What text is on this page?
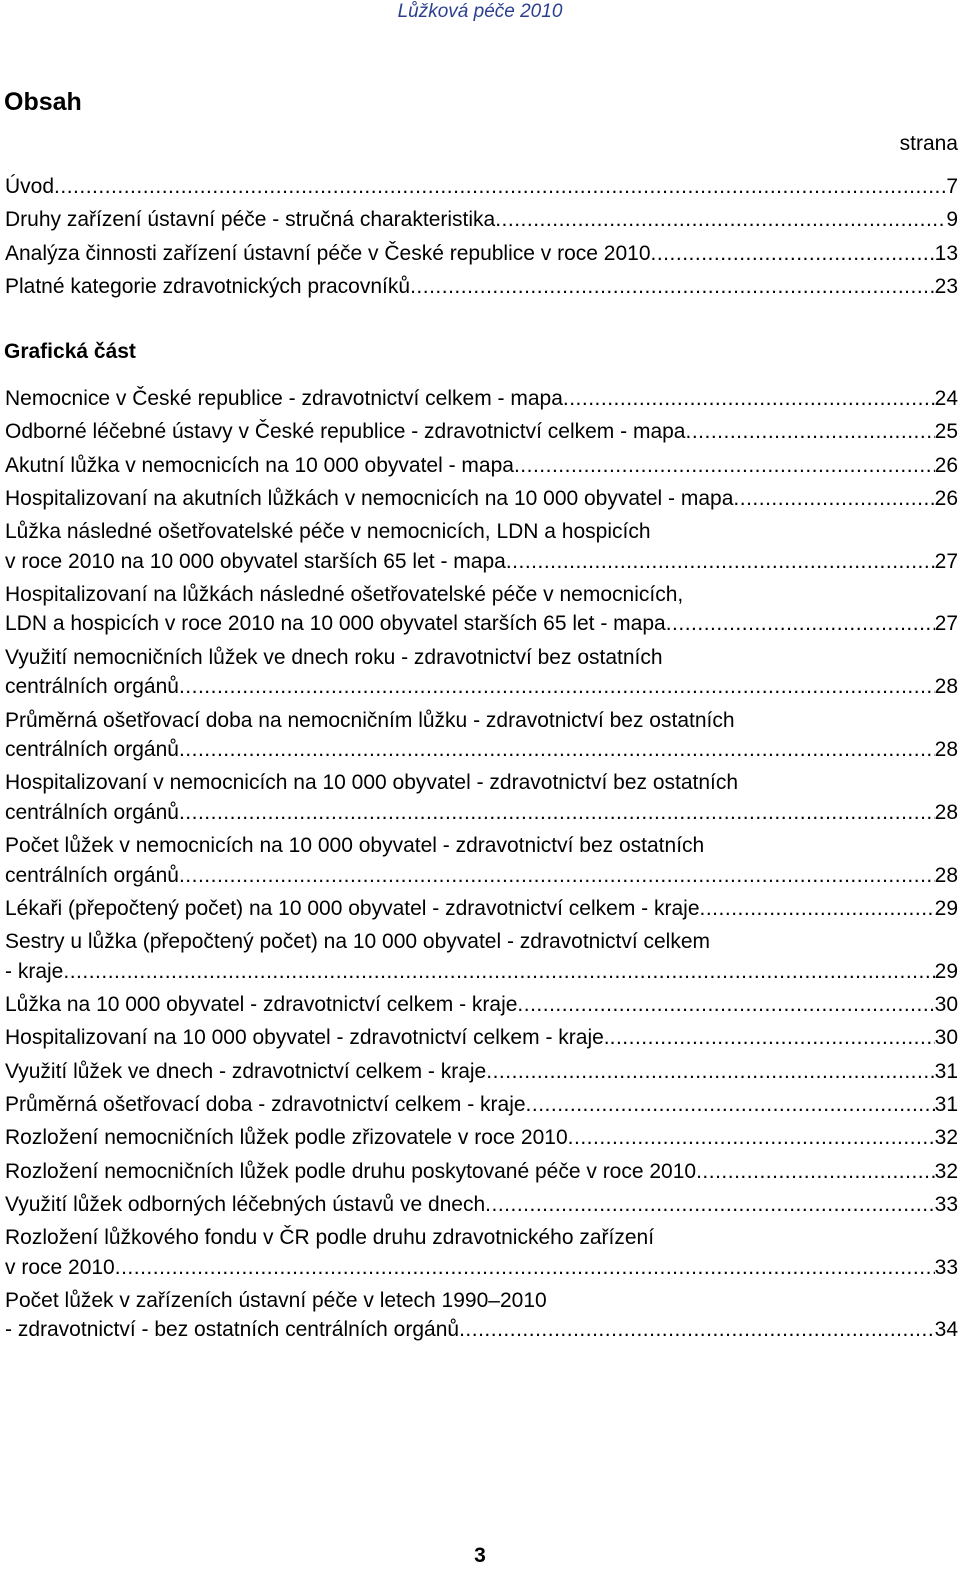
Lůžková péče 2010
Obsah
strana
Úvod .....	7
Druhy zařízení ústavní péče - stručná charakteristika .....	9
Analýza činnosti zařízení ústavní péče v České republice v roce 2010 .....	13
Platné kategorie zdravotnických pracovníků .....	23
Grafická část
Nemocnice v České republice - zdravotnictví celkem - mapa .....	24
Odborné léčebné ústavy v České republice - zdravotnictví celkem - mapa .....	25
Akutní lůžka v nemocnicích na 10 000 obyvatel - mapa .....	26
Hospitalizovaní na akutních lůžkách v nemocnicích na 10 000 obyvatel - mapa .....	26
Lůžka následné ošetřovatelské péče v nemocnicích, LDN a hospicích
v roce 2010 na 10 000 obyvatel starších 65 let - mapa .....	27
Hospitalizovaní na lůžkách následné ošetřovatelské péče v nemocnicích,
LDN a hospicích v roce 2010 na 10 000 obyvatel starších 65 let - mapa .....	27
Využití nemocničních lůžek ve dnech roku - zdravotnictví bez ostatních
centrálních orgánů .....	28
Průměrná ošetřovací doba na nemocničním lůžku - zdravotnictví bez ostatních
centrálních orgánů .....	28
Hospitalizovaní v nemocnicích na 10 000 obyvatel - zdravotnictví bez ostatních
centrálních orgánů .....	28
Počet lůžek v nemocnicích na 10 000 obyvatel - zdravotnictví bez ostatních
centrálních orgánů .....	28
Lékaři (přepočtený počet) na 10 000 obyvatel - zdravotnictví celkem - kraje .....	29
Sestry u lůžka (přepočtený počet) na 10 000 obyvatel - zdravotnictví celkem
- kraje .....	29
Lůžka na 10 000 obyvatel - zdravotnictví celkem - kraje .....	30
Hospitalizovaní na 10 000 obyvatel - zdravotnictví celkem - kraje. .....	30
Využití lůžek ve dnech - zdravotnictví celkem - kraje .....	31
Průměrná ošetřovací doba - zdravotnictví celkem - kraje .....	31
Rozložení nemocničních lůžek podle zřizovatele v roce 2010 .....	32
Rozložení nemocničních lůžek podle druhu poskytované péče v roce 2010 .....	32
Využití lůžek odborných léčebných ústavů ve dnech .....	33
Rozložení lůžkového fondu v ČR podle druhu zdravotnického zařízení
v roce 2010 .....	33
Počet lůžek v zařízeních ústavní péče v letech 1990–2010
- zdravotnictví - bez ostatních centrálních orgánů .....	34
3
